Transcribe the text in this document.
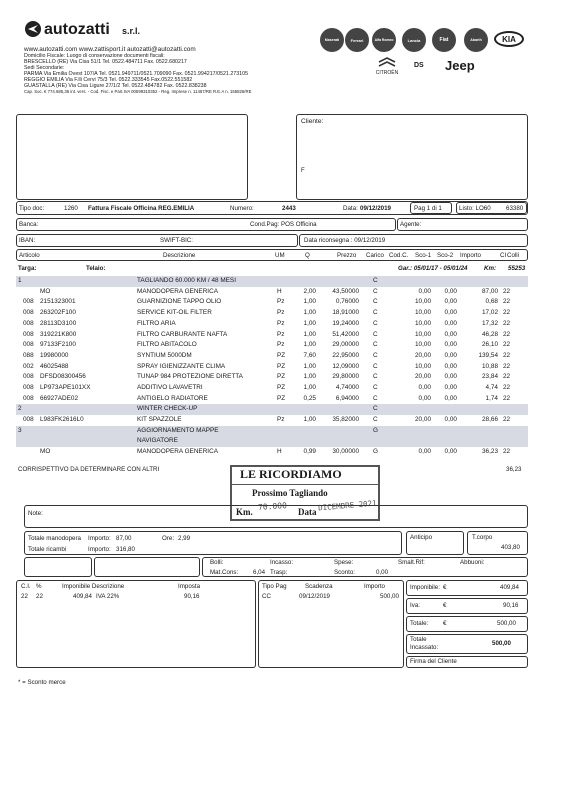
autozatti s.r.l.
www.autozatti.com www.zattisport.it autozatti@autozatti.com
Domicilio Fiscale: Luogo di conservazione documenti fiscali:
BRESCELLO (RE) Via Cisa 51/1 Tel. 0522.484711 Fax. 0522.680217
Sedi Secondarie:
PARMA Via Emilia Ovest 107/A Tel. 0521.949711/0521.709090 Fax. 0521.994217/0521.273105
REGGIO EMILIA Via F.lli Cervi 75/3 Tel. 0522.333545 Fax.0522.551582
GUASTALLA (RE) Via Cisa Ligure 27/1/2 Tel. 0522.484782 Fax. 0522.838238
Cap. Soc. € 774.685,35 int. vers. - Cod. Fisc. e Part.IVA 00599310352 - Reg. Imprese n. 11467/RE R.E.A n. 155826/RE
Maserati	Ferrari	Alfa Romeo	Lancia	Fiat	Abarth	KIA
CITROËN
DS Jeep
Cliente:
F
Tipo doc:	1260 Fattura Fiscale Officina REG.EMILIA	Numero:	2443	Data: 09/12/2019	Pag 1 di 1	Listo: LO60 63380
Banca:	Cond.Pag: POS Officina	Agente:
IBAN:	SWIFT-BIC:	Data riconsegna : 09/12/2019
Articolo	Descrizione	UM	Q	Prezzo Carico Cod.C. Sco-1 Sco-2 Importo	CI Colli
Targa:	Telaio:	Gar.: 05/01/17 - 05/01/24	Km: 55253
1	TAGLIANDO 60.000 KM / 48 MESI	C
MO	MANODOPERA GENERICA	H	2,00	43,50000 C	0,00 0,00	87,00 22
008 2151323001	GUARNIZIONE TAPPO OLIO	Pz	1,00	0,76000 C	10,00 0,00	0,68 22
008 263202F100	SERVICE KIT-OIL FILTER	Pz	1,00	18,91000 C	10,00 0,00	17,02 22
008 28113D3100	FILTRO ARIA	Pz	1,00	19,24000 C	10,00 0,00	17,32 22
008 319221K800	FILTRO CARBURANTE NAFTA	Pz	1,00	51,42000 C	10,00 0,00	46,28 22
008 97133F2100	FILTRO ABITACOLO	Pz	1,00	29,00000 C	10,00 0,00	26,10 22
088 19980000	SYNTIUM 5000DM	PZ	7,60	22,95000 C	20,00 0,00	139,54 22
002 46025488	SPRAY IGIENIZZANTE CLIMA	PZ	1,00	12,09000 C	10,00 0,00	10,88 22
008 DFSD08300456	TUNAP 984 PROTEZIONE DIRETTA	PZ	1,00	29,80000 C	20,00 0,00	23,84 22
008 LP973APE101XX	ADDITIVO LAVAVETRI	PZ	1,00	4,74000 C	0,00 0,00	4,74 22
008 66927ADE02	ANTIGELO RADIATORE	PZ	0,25	6,94000 C	0,00 0,00	1,74 22
2	WINTER CHECK-UP	C
008 L983FK2616L0	KIT SPAZZOLE	Pz	1,00	35,82000 C	20,00 0,00	28,66 22
3	AGGIORNAMENTO MAPPE
NAVIGATORE
G
MO	MANODOPERA GENERICA	H	0,99	30,00000 G	0,00 0,00	36,23 22
CORRISPETTIVO DA DETERMINARE CON ALTRI	36,23
LE RICORDIAMO
Prossimo Tagliando
Km.
70.000
Data DICEMBRE 2021
Note:
Totale manodopera Importo: 87,00	Ore: 2,99
Totale ricambi	Importo: 316,80
Anticipo	T.corpo
403,80
Bolli:	Incasso:	Spese:	Smalt.Rif:	Abbuoni:
Mat.Cons: 6,04 Trasp:	Sconto:	0,00
C.I. %	Imponibile Descrizione	Imposta
22 22	409,84 IVA 22%	90,16
Tipo Pag	Scadenza	Importo
CC	09/12/2019	500,00
Imponibile: €	409,84
Iva:	€	90,16
Totale: €	500,00
Totale
Incassato:
500,00
Firma del Cliente
* = Sconto merce
